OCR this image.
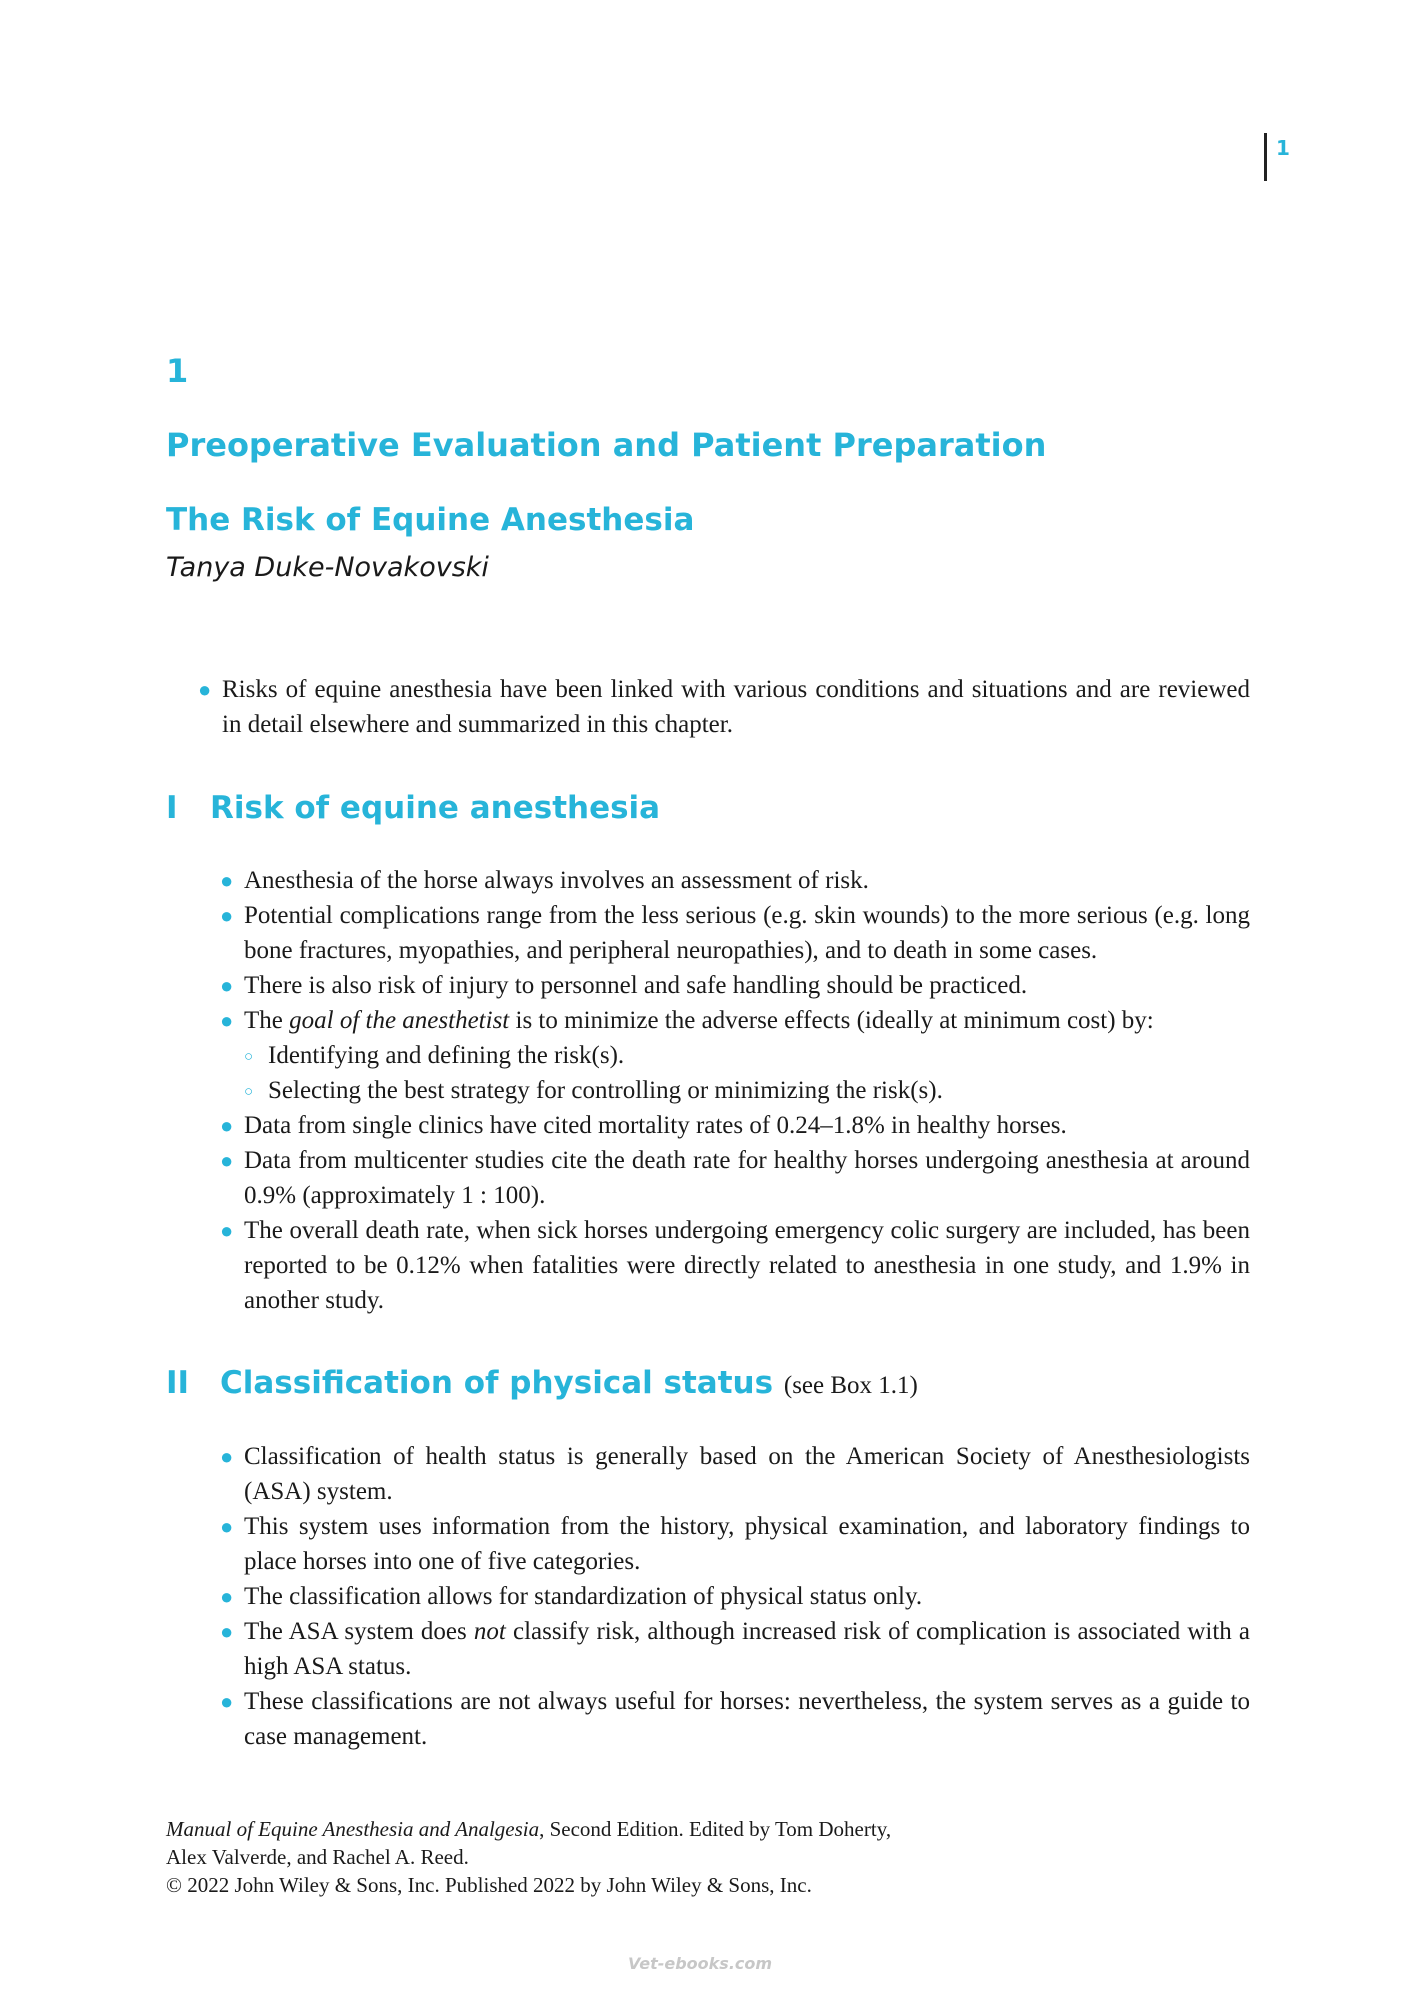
1
1
Preoperative Evaluation and Patient Preparation
The Risk of Equine Anesthesia
Tanya Duke-Novakovski
● Risks of equine anesthesia have been linked with various conditions and situations and are reviewed in detail elsewhere and summarized in this chapter.
I Risk of equine anesthesia
● Anesthesia of the horse always involves an assessment of risk.
● Potential complications range from the less serious (e.g. skin wounds) to the more serious (e.g. long bone fractures, myopathies, and peripheral neuropathies), and to death in some cases.
● There is also risk of injury to personnel and safe handling should be practiced.
● The goal of the anesthetist is to minimize the adverse effects (ideally at minimum cost) by:
○ Identifying and defining the risk(s).
○ Selecting the best strategy for controlling or minimizing the risk(s).
● Data from single clinics have cited mortality rates of 0.24–1.8% in healthy horses.
● Data from multicenter studies cite the death rate for healthy horses undergoing anesthesia at around 0.9% (approximately 1 : 100).
● The overall death rate, when sick horses undergoing emergency colic surgery are included, has been reported to be 0.12% when fatalities were directly related to anesthesia in one study, and 1.9% in another study.
II Classification of physical status (see Box 1.1)
● Classification of health status is generally based on the American Society of Anesthesiologists (ASA) system.
● This system uses information from the history, physical examination, and laboratory findings to place horses into one of five categories.
● The classification allows for standardization of physical status only.
● The ASA system does not classify risk, although increased risk of complication is associated with a high ASA status.
● These classifications are not always useful for horses: nevertheless, the system serves as a guide to case management.
Manual of Equine Anesthesia and Analgesia, Second Edition. Edited by Tom Doherty,
Alex Valverde, and Rachel A. Reed.
© 2022 John Wiley & Sons, Inc. Published 2022 by John Wiley & Sons, Inc.
Vet-ebooks.com
